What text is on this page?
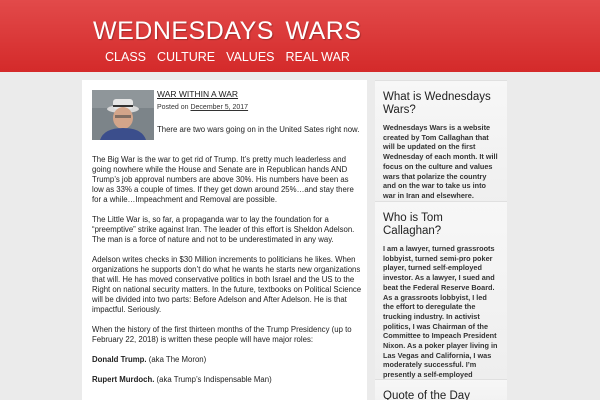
WEDNESDAYS WARS
CLASS CULTURE VALUES REAL WAR
WAR WITHIN A WAR
Posted on December 5, 2017
There are two wars going on in the United Sates right now.

The Big War is the war to get rid of Trump. It’s pretty much leaderless and going nowhere while the House and Senate are in Republican hands AND Trump’s job approval numbers are above 30%. His numbers have been as low as 33% a couple of times. If they get down around 25%…and stay there for a while…Impeachment and Removal are possible.

The Little War is, so far, a propaganda war to lay the foundation for a “preemptive” strike against Iran. The leader of this effort is Sheldon Adelson. The man is a force of nature and not to be underestimated in any way.

Adelson writes checks in $30 Million increments to politicians he likes. When organizations he supports don’t do what he wants he starts new organizations that will. He has moved conservative politics in both Israel and the US to the Right on national security matters. In the future, textbooks on Political Science will be divided into two parts: Before Adelson and After Adelson. He is that impactful. Seriously.

When the history of the first thirteen months of the Trump Presidency (up to February 22, 2018) is written these people will have major roles:

Donald Trump. (aka The Moron)

Rupert Murdoch. (aka Trump’s Indispensable Man)

What is Wednesdays Wars?

Wednesdays Wars is a website created by Tom Callaghan that will be updated on the first Wednesday of each month. It will focus on the culture and values wars that polarize the country and on the war to take us into war in Iran and elsewhere.

Who is Tom Callaghan?

I am a lawyer, turned grassroots lobbyist, turned semi-pro poker player, turned self-employed investor. As a lawyer, I sued and beat the Federal Reserve Board. As a grassroots lobbyist, I led the effort to deregulate the trucking industry. In activist politics, I was Chairman of the Committee to Impeach President Nixon. As a poker player living in Las Vegas and California, I was moderately successful. I’m presently a self-employed

Quote of the Day
